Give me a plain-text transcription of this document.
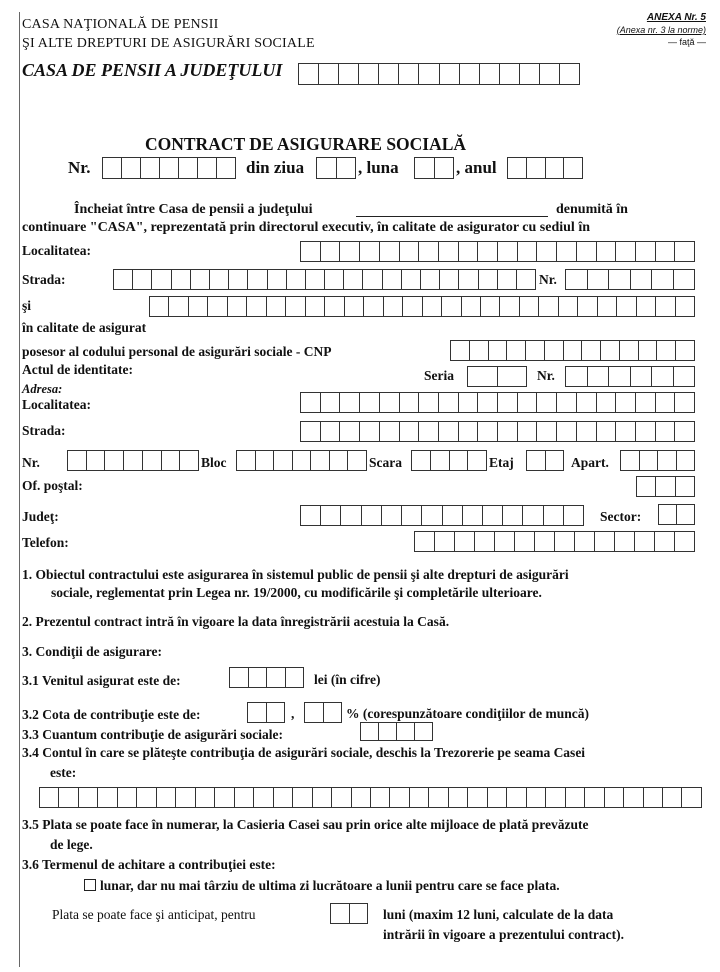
CASA NAŢIONALĂ DE PENSII
ŞI ALTE DREPTURI DE ASIGURĂRI SOCIALE
ANEXA Nr. 5
(Anexa nr. 3 la norme)
— faţă —
CASA DE PENSII A JUDEŢULUI
CONTRACT DE ASIGURARE SOCIALĂ
Nr.	din ziua	, luna	, anul
Încheiat între Casa de pensii a judeţului	denumită în
continuare "CASA", reprezentată prin directorul executiv, în calitate de asigurator cu sediul în
Localitatea:
Strada:	Nr.
şi
în calitate de asigurat
posesor al codului personal de asigurări sociale - CNP
Actul de identitate:	Seria	Nr.
Adresa:
Localitatea:
Strada:
Nr.	Bloc	Scara	Etaj	Apart.
Of. poştal:
Judeţ:	Sector:
Telefon:
1. Obiectul contractului este asigurarea în sistemul public de pensii şi alte drepturi de asigurări
sociale, reglementat prin Legea nr. 19/2000, cu modificările şi completările ulterioare.
2. Prezentul contract intră în vigoare la data înregistrării acestuia la Casă.
3. Condiţii de asigurare:
3.1 Venitul asigurat este de:	lei (în cifre)
3.2 Cota de contribuţie este de:	,	% (corespunzătoare condiţiilor de muncă)
3.3 Cuantum contribuţie de asigurări sociale:
3.4 Contul în care se plăteşte contribuţia de asigurări sociale, deschis la Trezorerie pe seama Casei
este:
3.5 Plata se poate face în numerar, la Casieria Casei sau prin orice alte mijloace de plată prevăzute
de lege.
3.6 Termenul de achitare a contribuţiei este:
lunar, dar nu mai târziu de ultima zi lucrătoare a lunii pentru care se face plata.
Plata se poate face şi anticipat, pentru	luni (maxim 12 luni, calculate de la data
intrării în vigoare a prezentului contract).
